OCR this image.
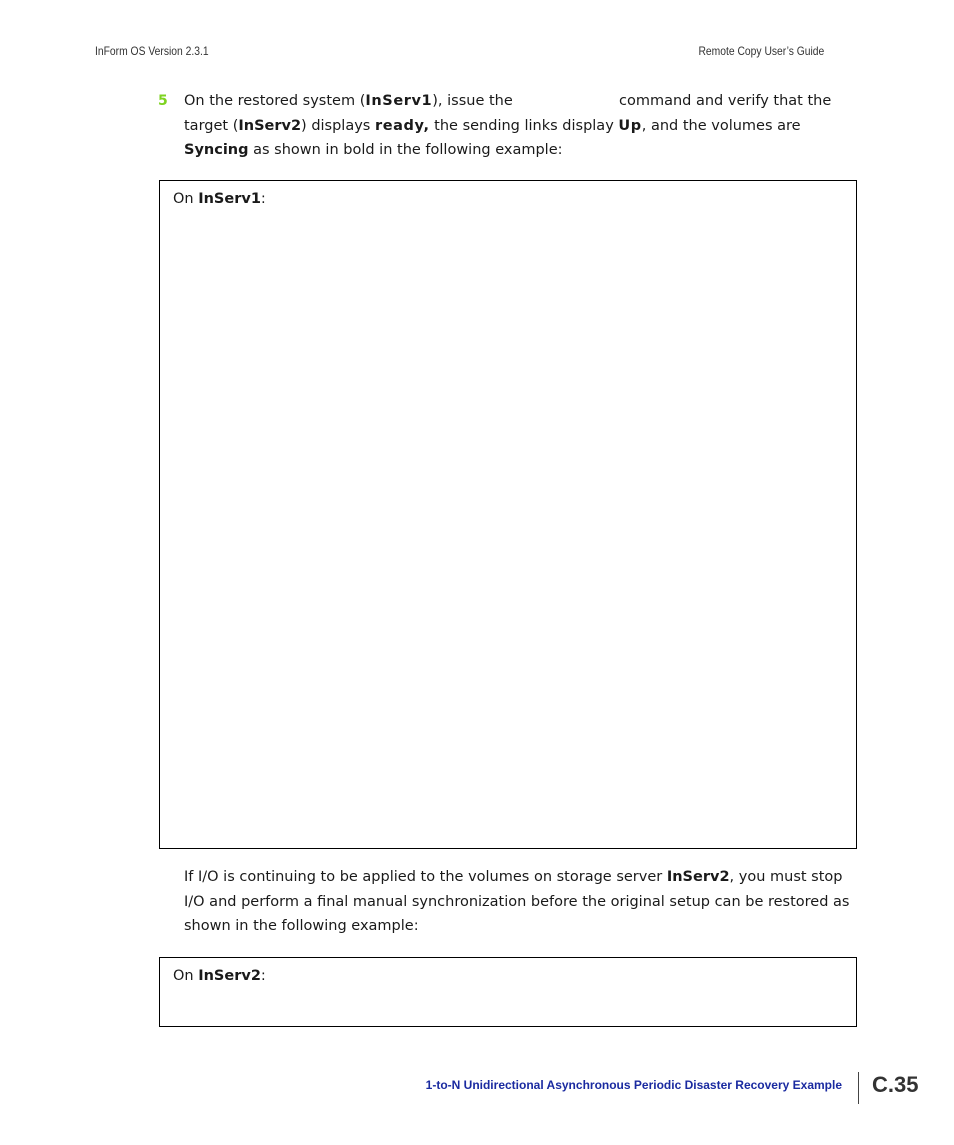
InForm OS Version 2.3.1	Remote Copy User’s Guide
5 On the restored system (InServ1), issue the	command and verify that the target (InServ2) displays ready, the sending links display Up, and the volumes are Syncing as shown in bold in the following example:
On InServ1:
If I/O is continuing to be applied to the volumes on storage server InServ2, you must stop I/O and perform a final manual synchronization before the original setup can be restored as shown in the following example:
On InServ2:
1-to-N Unidirectional Asynchronous Periodic Disaster Recovery Example C.35
